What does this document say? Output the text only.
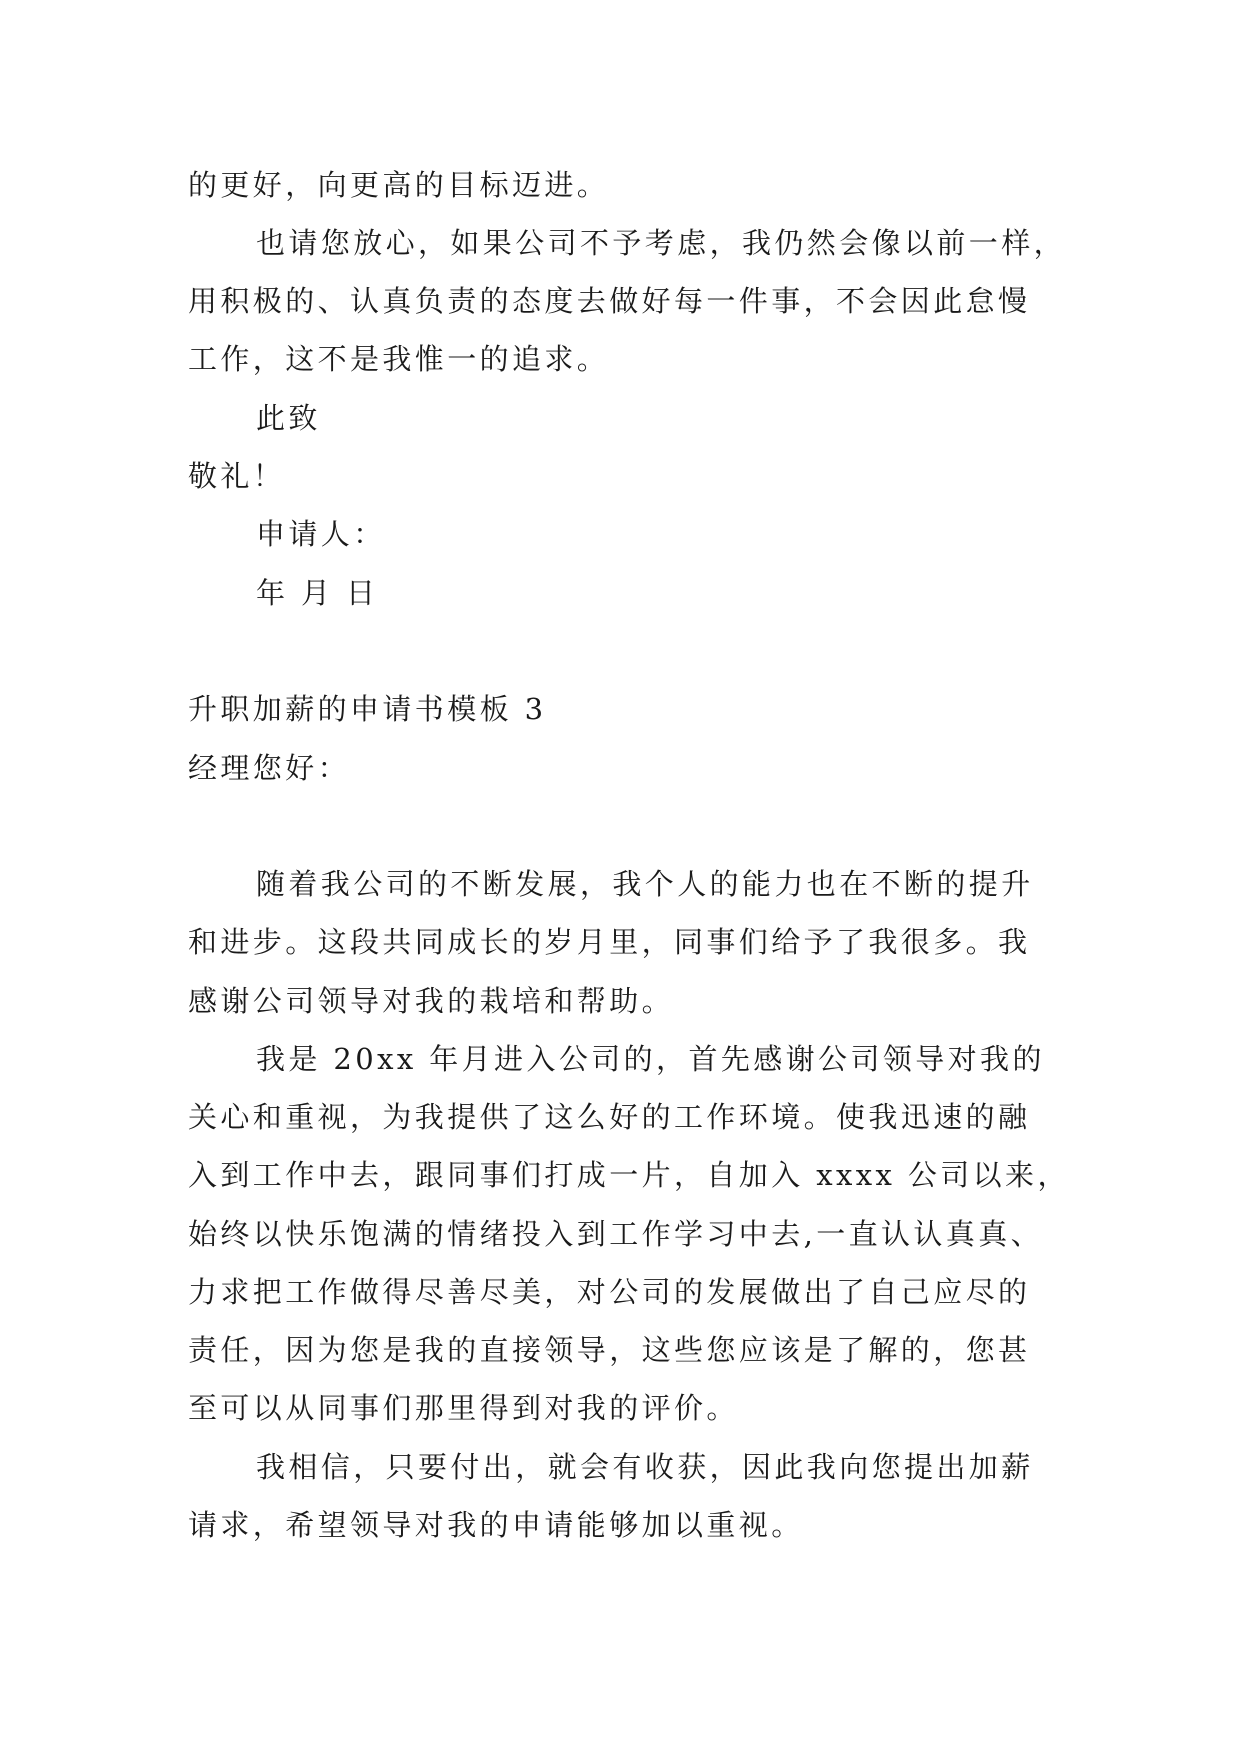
的更好，向更高的目标迈进。
也请您放心，如果公司不予考虑，我仍然会像以前一样，
用积极的、认真负责的态度去做好每一件事，不会因此怠慢
工作，这不是我惟一的追求。
此致
敬礼！
申请人：
年 月 日
升职加薪的申请书模板 3
经理您好：
随着我公司的不断发展，我个人的能力也在不断的提升
和进步。这段共同成长的岁月里，同事们给予了我很多。我
感谢公司领导对我的栽培和帮助。
我是 20xx 年月进入公司的，首先感谢公司领导对我的
关心和重视，为我提供了这么好的工作环境。使我迅速的融
入到工作中去，跟同事们打成一片，自加入 xxxx 公司以来，
始终以快乐饱满的情绪投入到工作学习中去,一直认认真真、
力求把工作做得尽善尽美，对公司的发展做出了自己应尽的
责任，因为您是我的直接领导，这些您应该是了解的，您甚
至可以从同事们那里得到对我的评价。
我相信，只要付出，就会有收获，因此我向您提出加薪
请求，希望领导对我的申请能够加以重视。
